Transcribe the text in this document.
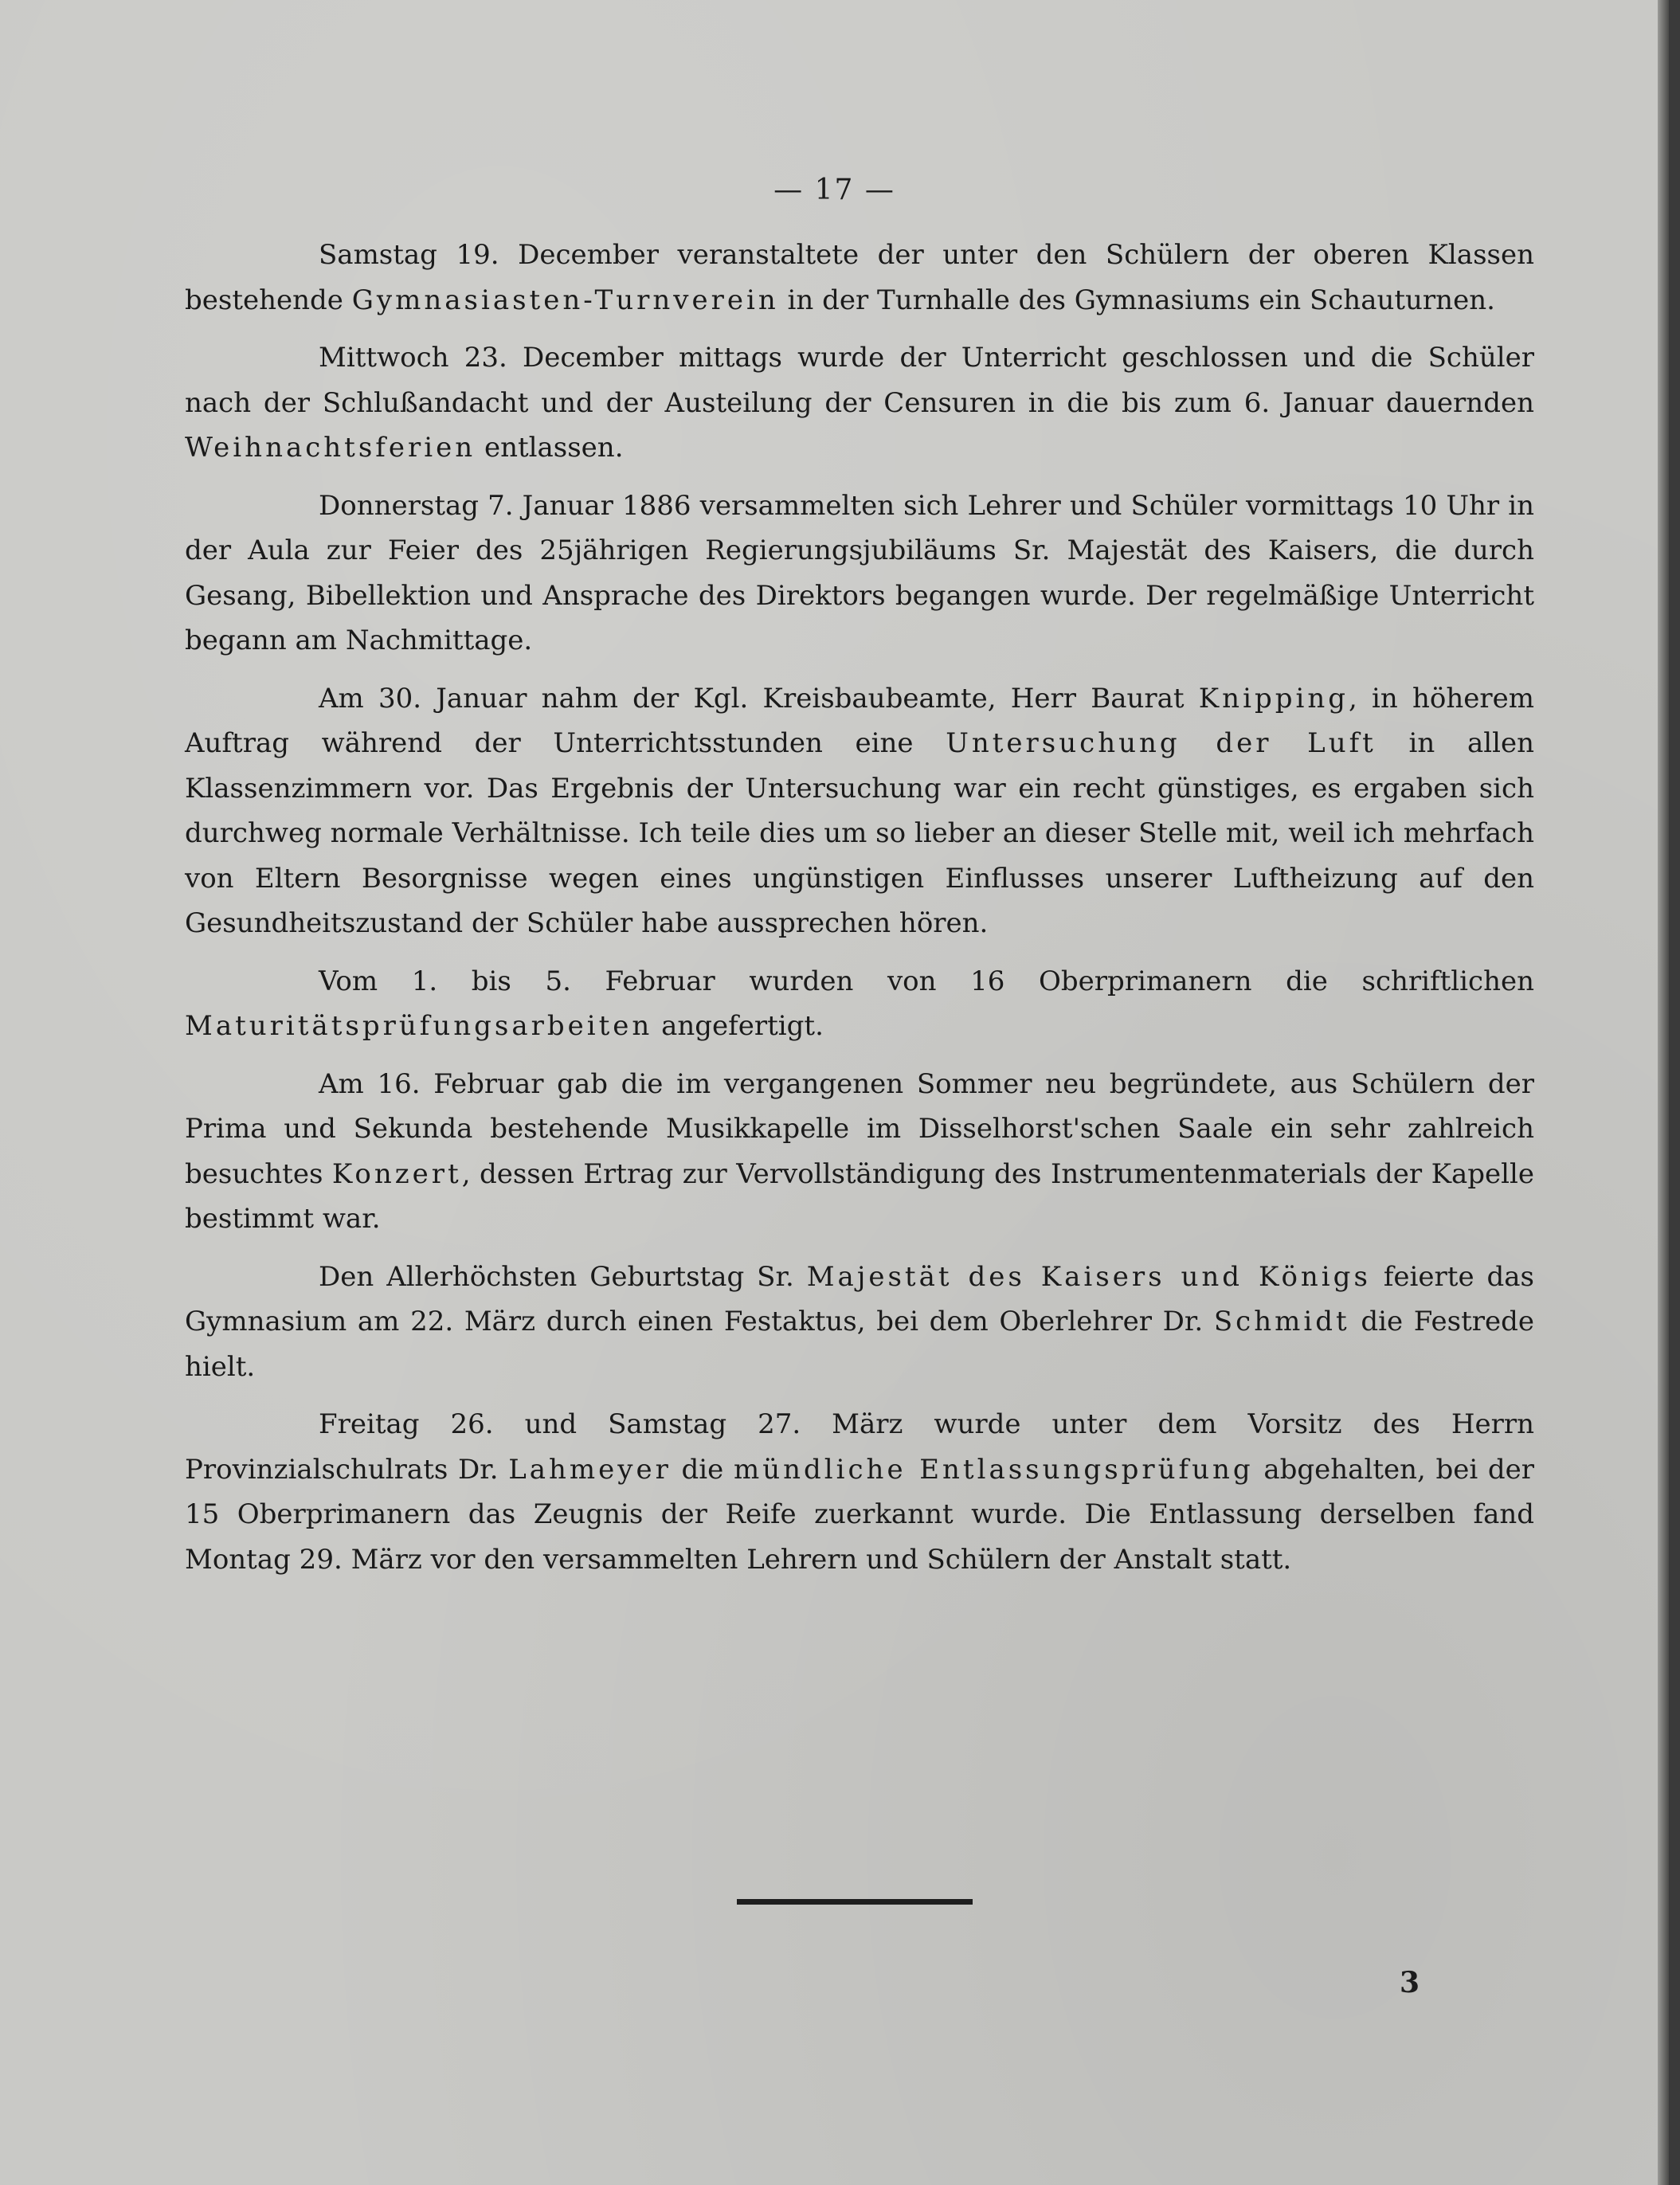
— 17 —

Samstag 19. December veranstaltete der unter den Schülern der oberen Klassen bestehende Gymnasiasten-Turnverein in der Turnhalle des Gymnasiums ein Schauturnen.

Mittwoch 23. December mittags wurde der Unterricht geschlossen und die Schüler nach der Schlußandacht und der Austeilung der Censuren in die bis zum 6. Januar dauernden Weihnachtsferien entlassen.

Donnerstag 7. Januar 1886 versammelten sich Lehrer und Schüler vormittags 10 Uhr in der Aula zur Feier des 25jährigen Regierungsjubiläums Sr. Majestät des Kaisers, die durch Gesang, Bibellektion und Ansprache des Direktors begangen wurde. Der regelmäßige Unterricht begann am Nachmittage.

Am 30. Januar nahm der Kgl. Kreisbaubeamte, Herr Baurat Knipping, in höherem Auftrag während der Unterrichtsstunden eine Untersuchung der Luft in allen Klassenzimmern vor. Das Ergebnis der Untersuchung war ein recht günstiges, es ergaben sich durchweg normale Verhältnisse. Ich teile dies um so lieber an dieser Stelle mit, weil ich mehrfach von Eltern Besorgnisse wegen eines ungünstigen Einflusses unserer Luftheizung auf den Gesundheitszustand der Schüler habe aussprechen hören.

Vom 1. bis 5. Februar wurden von 16 Oberprimanern die schriftlichen Maturitätsprüfungsarbeiten angefertigt.

Am 16. Februar gab die im vergangenen Sommer neu begründete, aus Schülern der Prima und Sekunda bestehende Musikkapelle im Disselhorst'schen Saale ein sehr zahlreich besuchtes Konzert, dessen Ertrag zur Vervollständigung des Instrumentenmaterials der Kapelle bestimmt war.

Den Allerhöchsten Geburtstag Sr. Majestät des Kaisers und Königs feierte das Gymnasium am 22. März durch einen Festaktus, bei dem Oberlehrer Dr. Schmidt die Festrede hielt.

Freitag 26. und Samstag 27. März wurde unter dem Vorsitz des Herrn Provinzialschulrats Dr. Lahmeyer die mündliche Entlassungsprüfung abgehalten, bei der 15 Oberprimanern das Zeugnis der Reife zuerkannt wurde. Die Entlassung derselben fand Montag 29. März vor den versammelten Lehrern und Schülern der Anstalt statt.

3
